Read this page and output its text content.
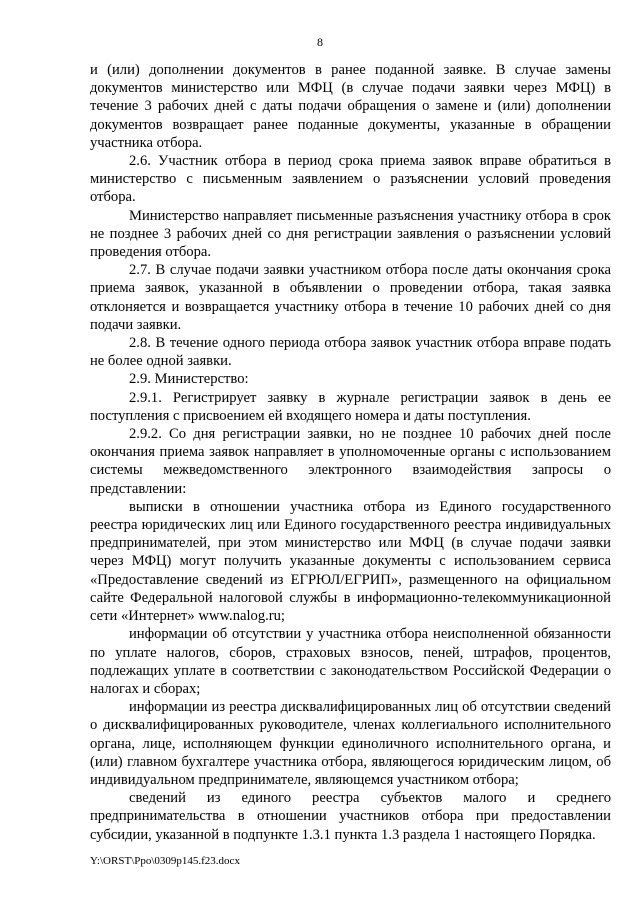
8

и (или) дополнении документов в ранее поданной заявке. В случае замены документов министерство или МФЦ (в случае подачи заявки через МФЦ) в течение 3 рабочих дней с даты подачи обращения о замене и (или) дополнении документов возвращает ранее поданные документы, указанные в обращении участника отбора.

2.6. Участник отбора в период срока приема заявок вправе обратиться в министерство с письменным заявлением о разъяснении условий проведения отбора.

Министерство направляет письменные разъяснения участнику отбора в срок не позднее 3 рабочих дней со дня регистрации заявления о разъяснении условий проведения отбора.

2.7. В случае подачи заявки участником отбора после даты окончания срока приема заявок, указанной в объявлении о проведении отбора, такая заявка отклоняется и возвращается участнику отбора в течение 10 рабочих дней со дня подачи заявки.

2.8. В течение одного периода отбора заявок участник отбора вправе подать не более одной заявки.

2.9. Министерство:

2.9.1. Регистрирует заявку в журнале регистрации заявок в день ее поступления с присвоением ей входящего номера и даты поступления.

2.9.2. Со дня регистрации заявки, но не позднее 10 рабочих дней после окончания приема заявок направляет в уполномоченные органы с использованием системы межведомственного электронного взаимодействия запросы о представлении:

выписки в отношении участника отбора из Единого государственного реестра юридических лиц или Единого государственного реестра индивидуальных предпринимателей, при этом министерство или МФЦ (в случае подачи заявки через МФЦ) могут получить указанные документы с использованием сервиса «Предоставление сведений из ЕГРЮЛ/ЕГРИП», размещенного на официальном сайте Федеральной налоговой службы в информационно-телекоммуникационной сети «Интернет» www.nalog.ru;

информации об отсутствии у участника отбора неисполненной обязанности по уплате налогов, сборов, страховых взносов, пеней, штрафов, процентов, подлежащих уплате в соответствии с законодательством Российской Федерации о налогах и сборах;

информации из реестра дисквалифицированных лиц об отсутствии сведений о дисквалифицированных руководителе, членах коллегиального исполнительного органа, лице, исполняющем функции единоличного исполнительного органа, и (или) главном бухгалтере участника отбора, являющегося юридическим лицом, об индивидуальном предпринимателе, являющемся участником отбора;

сведений из единого реестра субъектов малого и среднего предпринимательства в отношении участников отбора при предоставлении субсидии, указанной в подпункте 1.3.1 пункта 1.3 раздела 1 настоящего Порядка.

Y:\ORST\Ppo\0309p145.f23.docx
